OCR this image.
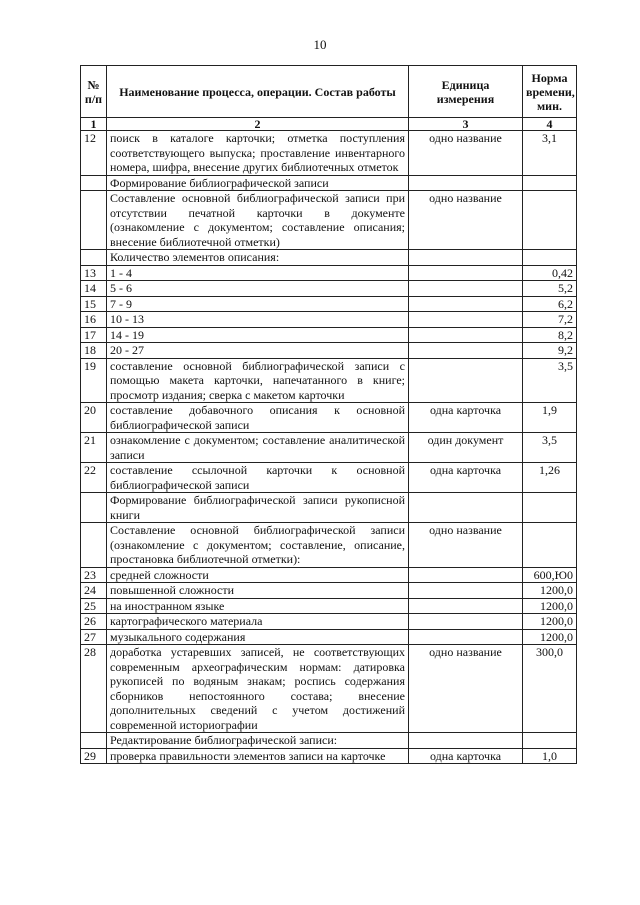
10
№ п/п	Наименование процесса, операции. Состав работы	Единица измерения	Норма времени, мин.
1	2	3	4
12	поиск в каталоге карточки; отметка поступления соответствующего выпуска; проставление инвентарного номера, шифра, внесение других библиотечных отметок	одно название	3,1
	Формирование библиографической записи		
	Составление основной библиографической записи при отсутствии печатной карточки в документе (ознакомление с документом; составление описания; внесение библиотечной отметки)	одно название	
	Количество элементов описания:		
13	1 - 4		0,42
14	5 - 6		5,2
15	7 - 9		6,2
16	10 - 13		7,2
17	14 - 19		8,2
18	20 - 27		9,2
19	составление основной библиографической записи с помощью макета карточки, напечатанного в книге; просмотр издания; сверка с макетом карточки		3,5
20	составление добавочного описания к основной библиографической записи	одна карточка	1,9
21	ознакомление с документом; составление аналитической записи	один документ	3,5
22	составление ссылочной карточки к основной библиографической записи	одна карточка	1,26
	Формирование библиографической записи рукописной книги		
	Составление основной библиографической записи (ознакомление с документом; составление, описание, простановка библиотечной отметки):	одно название	
23	средней сложности		600,Ю0
24	повышенной сложности		1200,0
25	на иностранном языке		1200,0
26	картографического материала		1200,0
27	музыкального содержания		1200,0
28	доработка устаревших записей, не соответствующих современным археографическим нормам: датировка рукописей по водяным знакам; роспись содержания сборников непостоянного состава; внесение дополнительных сведений с учетом достижений современной историографии	одно название	300,0
	Редактирование библиографической записи:		
29	проверка правильности элементов записи на карточке	одна карточка	1,0
